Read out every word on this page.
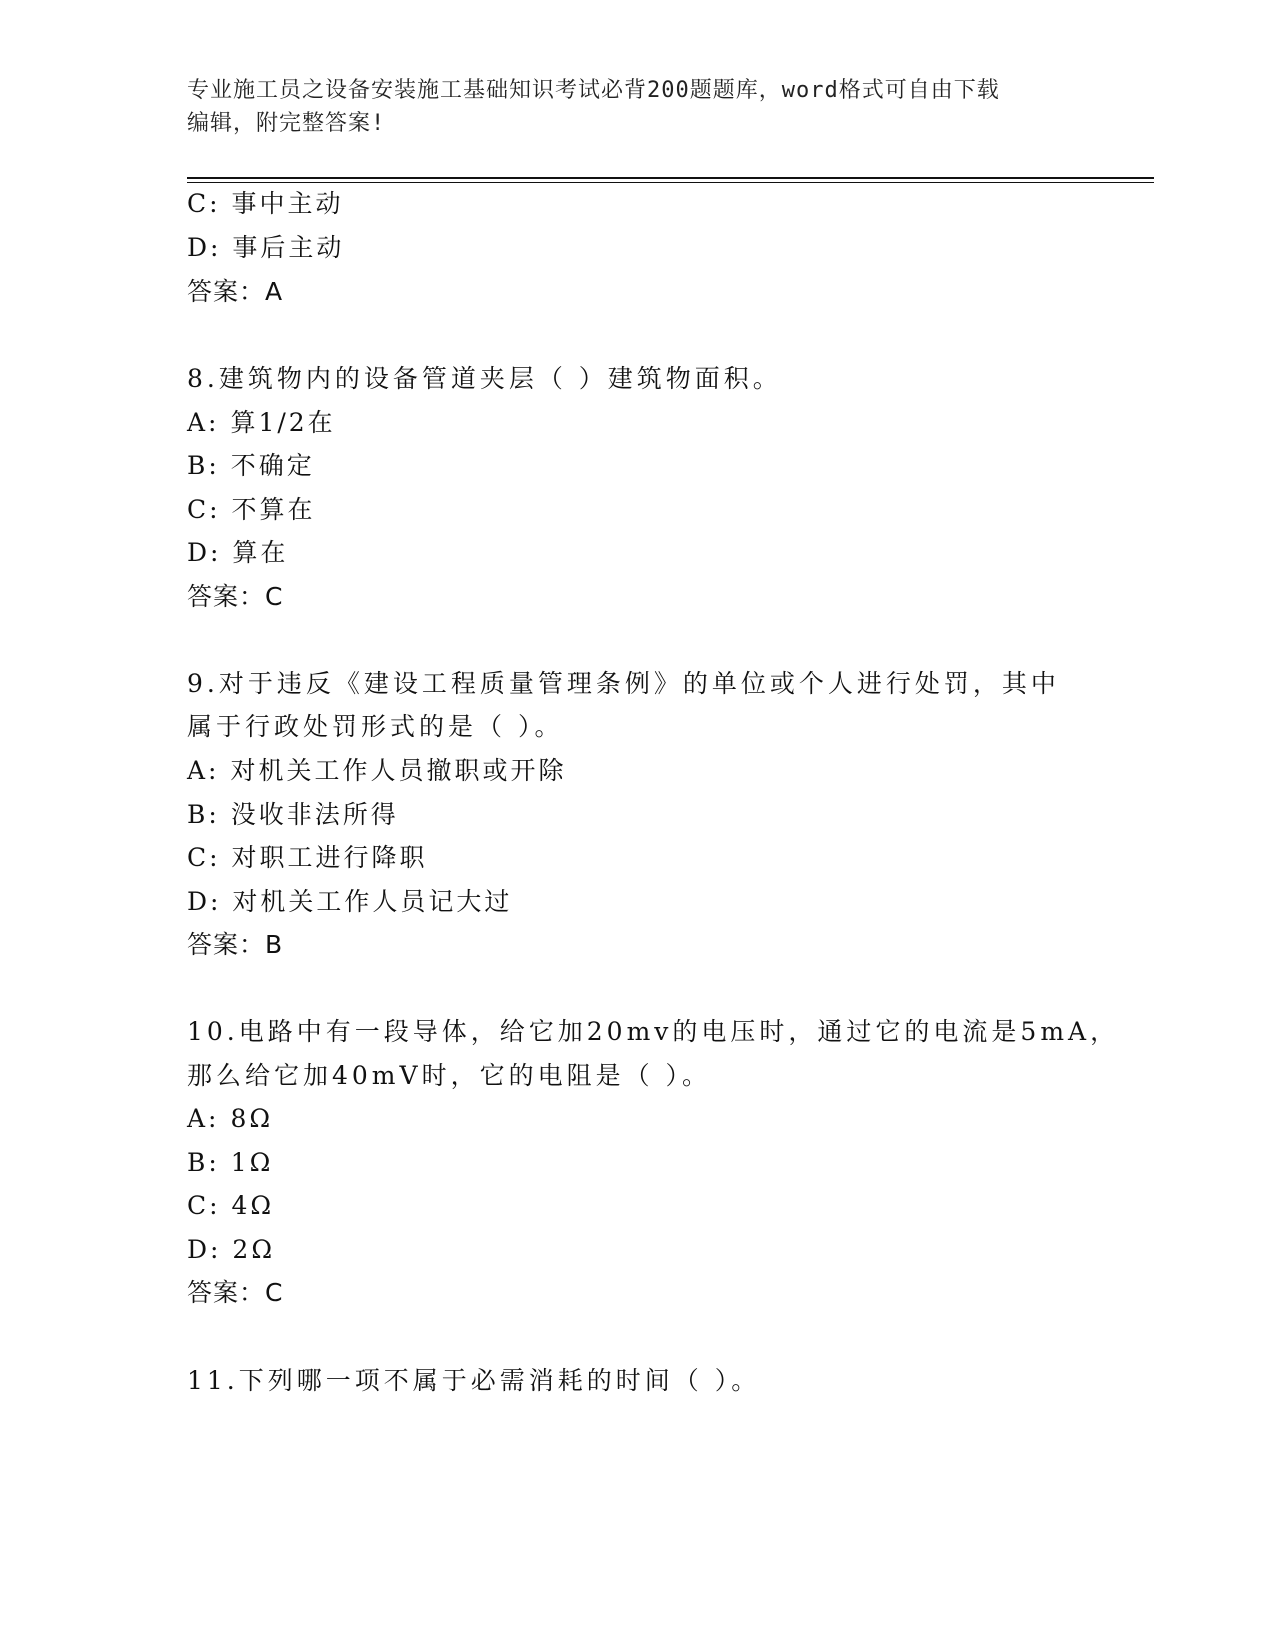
专业施工员之设备安装施工基础知识考试必背200题题库，word格式可自由下载
编辑，附完整答案!
C: 事中主动
D: 事后主动
答案：A
8.建筑物内的设备管道夹层（ ）建筑物面积。
A: 算1/2在
B: 不确定
C: 不算在
D: 算在
答案：C
9.对于违反《建设工程质量管理条例》的单位或个人进行处罚，其中
属于行政处罚形式的是（ ）。
A: 对机关工作人员撤职或开除
B: 没收非法所得
C: 对职工进行降职
D: 对机关工作人员记大过
答案：B
10.电路中有一段导体，给它加20mv的电压时，通过它的电流是5mA，
那么给它加40mV时，它的电阻是（ ）。
A: 8Ω
B: 1Ω
C: 4Ω
D: 2Ω
答案：C
11.下列哪一项不属于必需消耗的时间（ ）。
